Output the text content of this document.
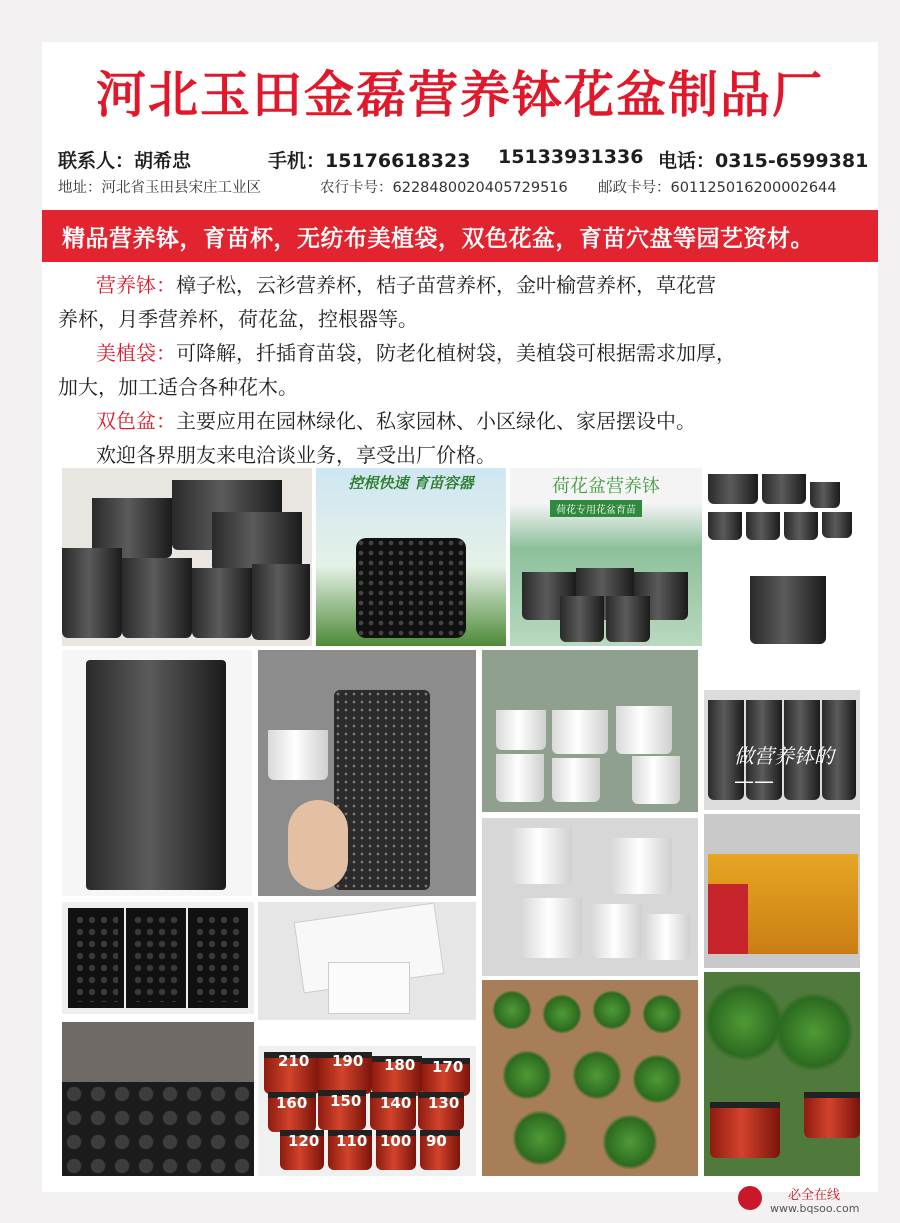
河北玉田金磊营养钵花盆制品厂
联系人：胡希忠	手机：15176618323 15133931336 电话：0315-6599381
地址：河北省玉田县宋庄工业区	农行卡号：6228480020405729516 邮政卡号：601125016200002644
精品营养钵，育苗杯，无纺布美植袋，双色花盆，育苗穴盘等园艺资材。

营养钵：樟子松，云衫营养杯，桔子苗营养杯，金叶榆营养杯，草花营

养杯，月季营养杯，荷花盆，控根器等。

美植袋：可降解，扦插育苗袋，防老化植树袋，美植袋可根据需求加厚，

加大，加工适合各种花木。

双色盆：主要应用在园林绿化、私家园林、小区绿化、家居摆设中。

欢迎各界朋友来电洽谈业务，享受出厂价格。

控根快速 育苗容器	荷花盆营养钵
荷花专用花盆育苗
做营养钵的——
210 190 180 170
160 150 140 130
120 110 100 90
必全在线
www.bqsoo.com
